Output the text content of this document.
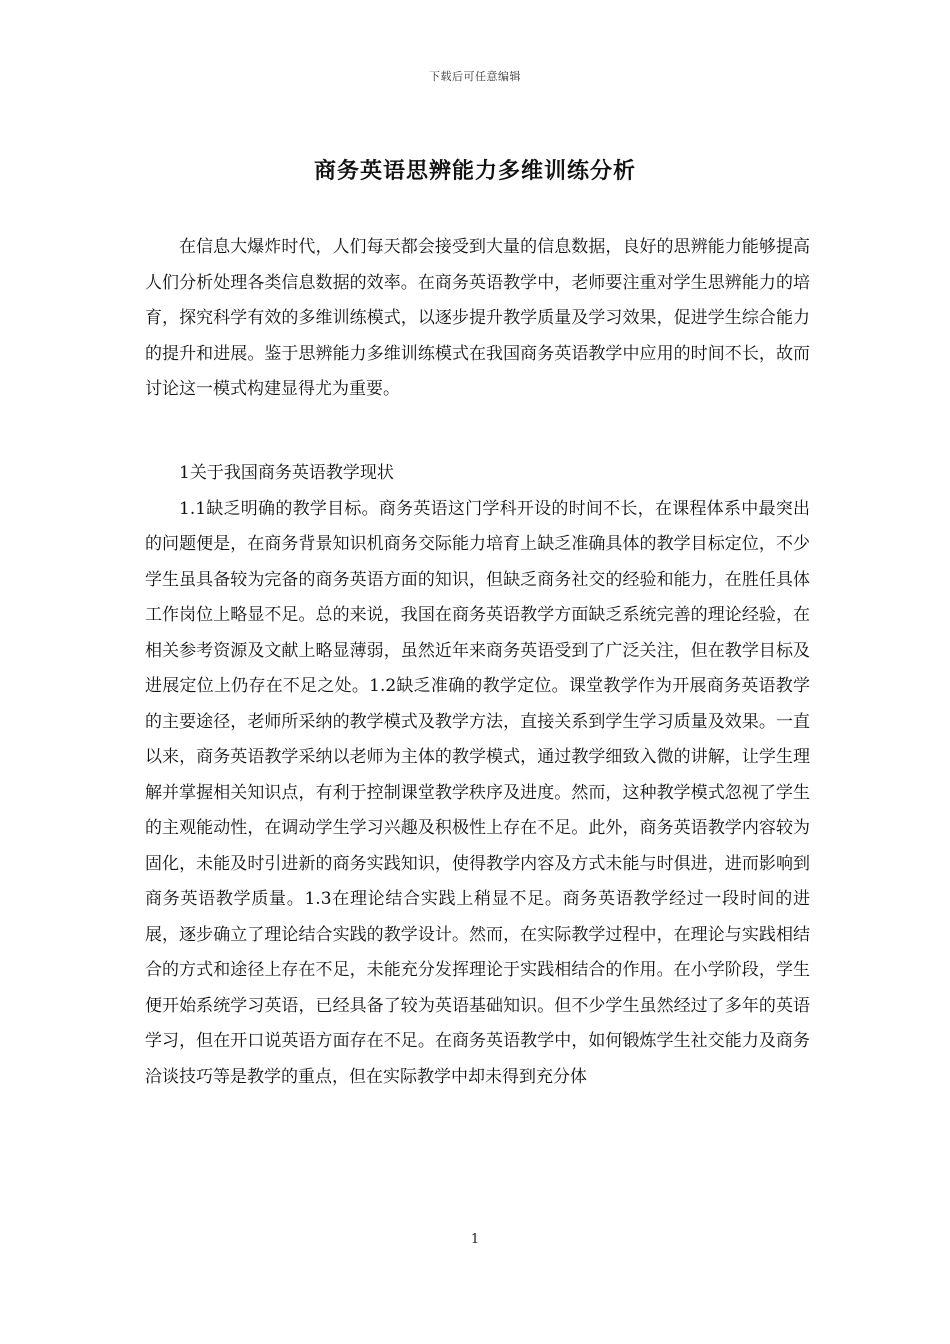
下载后可任意编辑
商务英语思辨能力多维训练分析

在信息大爆炸时代，人们每天都会接受到大量的信息数据，良好的思辨能力能够提高人们分析处理各类信息数据的效率。在商务英语教学中，老师要注重对学生思辨能力的培育，探究科学有效的多维训练模式，以逐步提升教学质量及学习效果，促进学生综合能力的提升和进展。鉴于思辨能力多维训练模式在我国商务英语教学中应用的时间不长，故而讨论这一模式构建显得尤为重要。

1关于我国商务英语教学现状

1.1缺乏明确的教学目标。商务英语这门学科开设的时间不长，在课程体系中最突出的问题便是，在商务背景知识机商务交际能力培育上缺乏准确具体的教学目标定位，不少学生虽具备较为完备的商务英语方面的知识，但缺乏商务社交的经验和能力，在胜任具体工作岗位上略显不足。总的来说，我国在商务英语教学方面缺乏系统完善的理论经验，在相关参考资源及文献上略显薄弱，虽然近年来商务英语受到了广泛关注，但在教学目标及进展定位上仍存在不足之处。1.2缺乏准确的教学定位。课堂教学作为开展商务英语教学的主要途径，老师所采纳的教学模式及教学方法，直接关系到学生学习质量及效果。一直以来，商务英语教学采纳以老师为主体的教学模式，通过教学细致入微的讲解，让学生理解并掌握相关知识点，有利于控制课堂教学秩序及进度。然而，这种教学模式忽视了学生的主观能动性，在调动学生学习兴趣及积极性上存在不足。此外，商务英语教学内容较为固化，未能及时引进新的商务实践知识，使得教学内容及方式未能与时俱进，进而影响到商务英语教学质量。1.3在理论结合实践上稍显不足。商务英语教学经过一段时间的进展，逐步确立了理论结合实践的教学设计。然而，在实际教学过程中，在理论与实践相结合的方式和途径上存在不足，未能充分发挥理论于实践相结合的作用。在小学阶段，学生便开始系统学习英语，已经具备了较为英语基础知识。但不少学生虽然经过了多年的英语学习，但在开口说英语方面存在不足。在商务英语教学中，如何锻炼学生社交能力及商务洽谈技巧等是教学的重点，但在实际教学中却未得到充分体

1
